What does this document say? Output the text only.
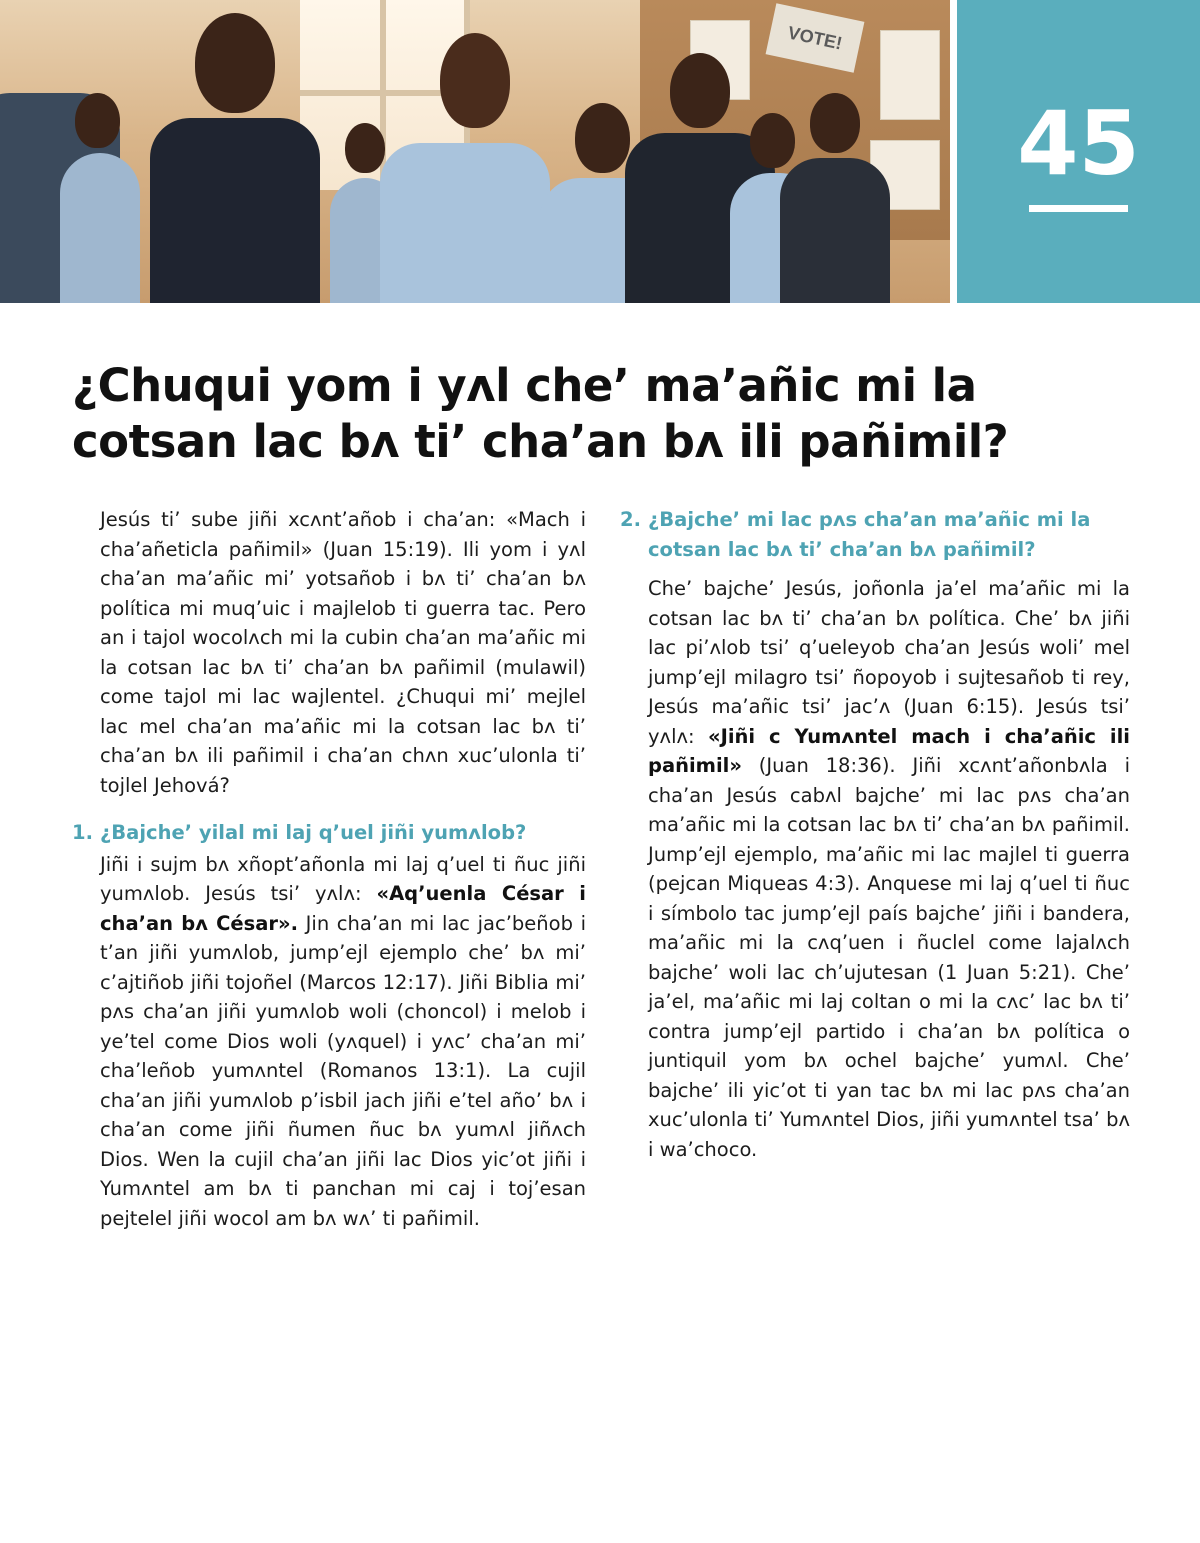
VOTE!
45
¿Chuqui yom i yʌl che’ ma’añic mi la cotsan lac bʌ ti’ cha’an bʌ ili pañimil?

Jesús ti’ sube jiñi xcʌnt’añob i cha’an: «Mach i cha’añeticla pañimil» (Juan 15:19). Ili yom i yʌl cha’an ma’añic mi’ yotsañob i bʌ ti’ cha’an bʌ política mi muq’uic i majlelob ti guerra tac. Pero an i tajol wocolʌch mi la cubin cha’an ma’añic mi la cotsan lac bʌ ti’ cha’an bʌ pañimil (mulawil) come tajol mi lac wajlentel. ¿Chuqui mi’ mejlel lac mel cha’an ma’añic mi la cotsan lac bʌ ti’ cha’an bʌ ili pañimil i cha’an chʌn xuc’ulonla ti’ tojlel Jehová?

1. ¿Bajche’ yilal mi laj q’uel jiñi yumʌlob?

Jiñi i sujm bʌ xñopt’añonla mi laj q’uel ti ñuc jiñi yumʌlob. Jesús tsi’ yʌlʌ: «Aq’uenla César i cha’an bʌ César». Jin cha’an mi lac jac’beñob i t’an jiñi yumʌlob, jump’ejl ejemplo che’ bʌ mi’ c’ajtiñob jiñi tojoñel (Marcos 12:17). Jiñi Biblia mi’ pʌs cha’an jiñi yumʌlob woli (choncol) i melob i ye’tel come Dios woli (yʌquel) i yʌc’ cha’an mi’ cha’leñob yumʌntel (Romanos 13:1). La cujil cha’an jiñi yumʌlob p’isbil jach jiñi e’tel año’ bʌ i cha’an come jiñi ñumen ñuc bʌ yumʌl jiñʌch Dios. Wen la cujil cha’an jiñi lac Dios yic’ot jiñi i Yumʌntel am bʌ ti panchan mi caj i toj’esan pejtelel jiñi wocol am bʌ wʌ’ ti pañimil.

2. ¿Bajche’ mi lac pʌs cha’an ma’añic mi la cotsan lac bʌ ti’ cha’an bʌ pañimil?

Che’ bajche’ Jesús, joñonla ja’el ma’añic mi la cotsan lac bʌ ti’ cha’an bʌ política. Che’ bʌ jiñi lac pi’ʌlob tsi’ q’ueleyob cha’an Jesús woli’ mel jump’ejl milagro tsi’ ñopoyob i sujtesañob ti rey, Jesús ma’añic tsi’ jac’ʌ (Juan 6:15). Jesús tsi’ yʌlʌ: «Jiñi c Yumʌntel mach i cha’añic ili pañimil» (Juan 18:36). Jiñi xcʌnt’añonbʌla i cha’an Jesús cabʌl bajche’ mi lac pʌs cha’an ma’añic mi la cotsan lac bʌ ti’ cha’an bʌ pañimil. Jump’ejl ejemplo, ma’añic mi lac majlel ti guerra (pejcan Miqueas 4:3). Anquese mi laj q’uel ti ñuc i símbolo tac jump’ejl país bajche’ jiñi i bandera, ma’añic mi la cʌq’uen i ñuclel come lajalʌch bajche’ woli lac ch’ujutesan (1 Juan 5:21). Che’ ja’el, ma’añic mi laj coltan o mi la cʌc’ lac bʌ ti’ contra jump’ejl partido i cha’an bʌ política o juntiquil yom bʌ ochel bajche’ yumʌl. Che’ bajche’ ili yic’ot ti yan tac bʌ mi lac pʌs cha’an xuc’ulonla ti’ Yumʌntel Dios, jiñi yumʌntel tsa’ bʌ i wa’choco.
